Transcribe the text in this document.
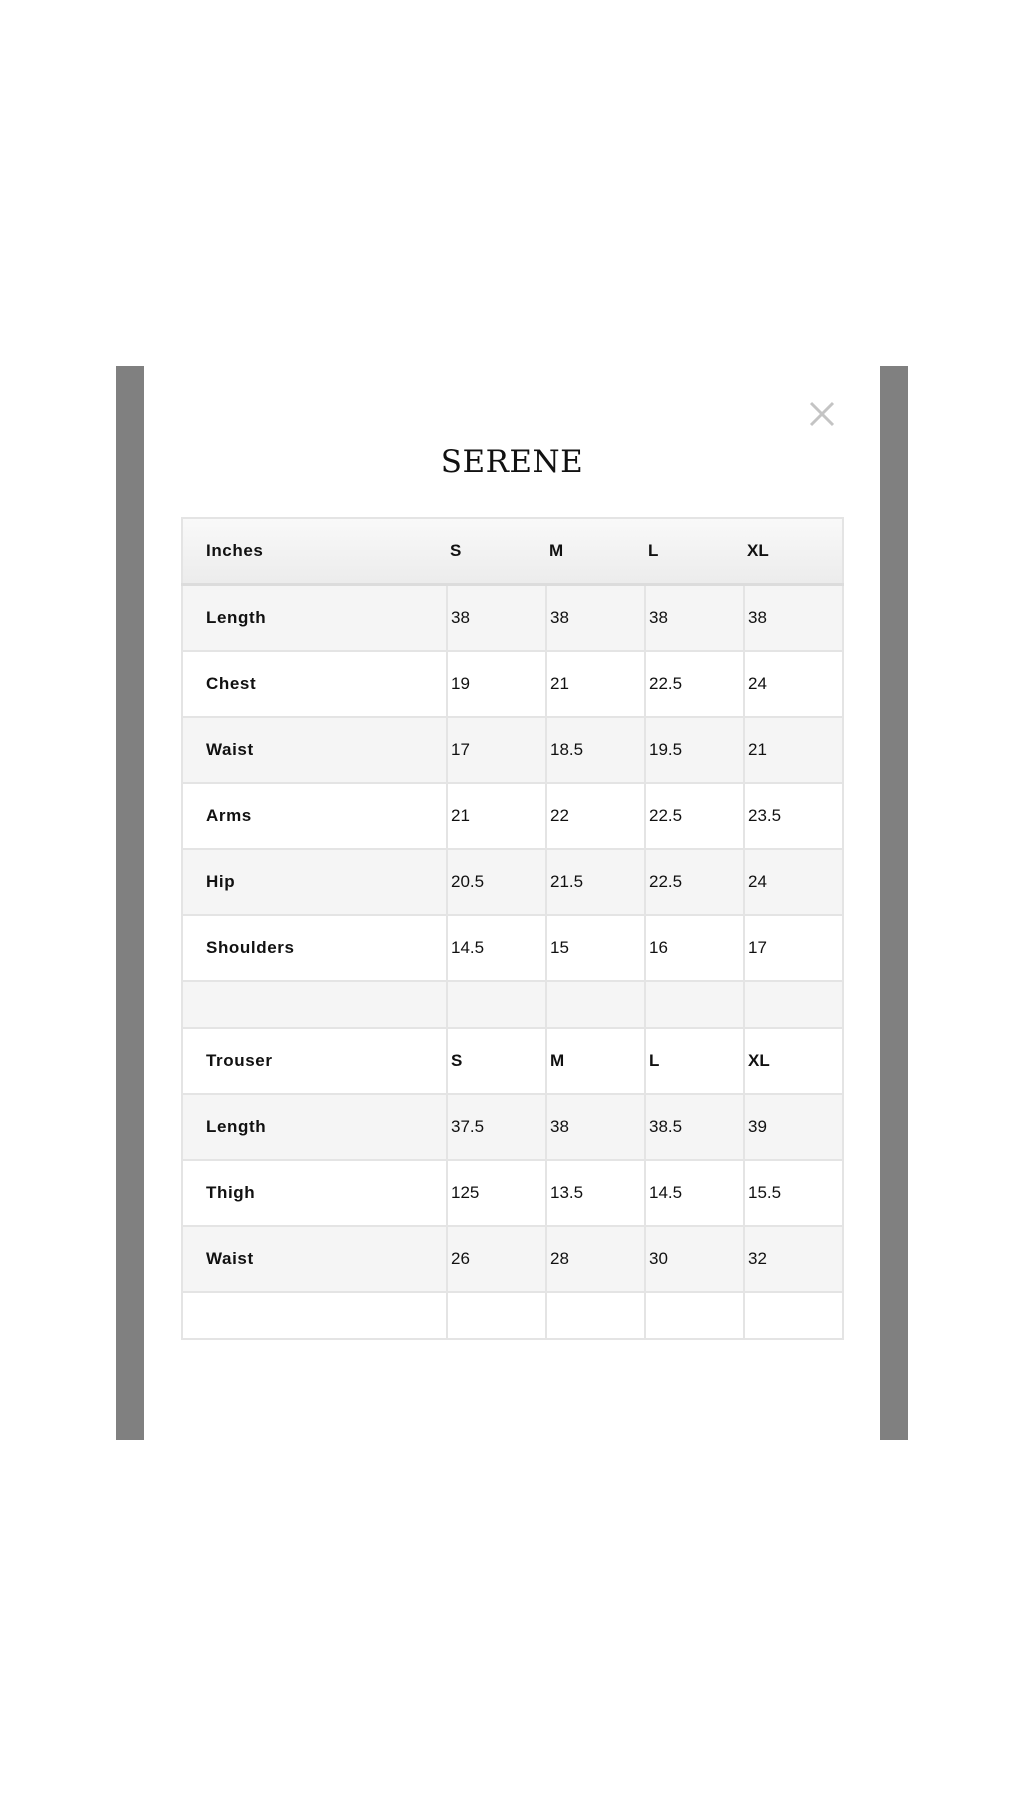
SERENE
Inches	S	M	L	XL
Length	38	38	38	38
Chest	19	21	22.5	24
Waist	17	18.5	19.5	21
Arms	21	22	22.5	23.5
Hip	20.5	21.5	22.5	24
Shoulders	14.5	15	16	17

Trouser	S	M	L	XL
Length	37.5	38	38.5	39
Thigh	125	13.5	14.5	15.5
Waist	26	28	30	32
